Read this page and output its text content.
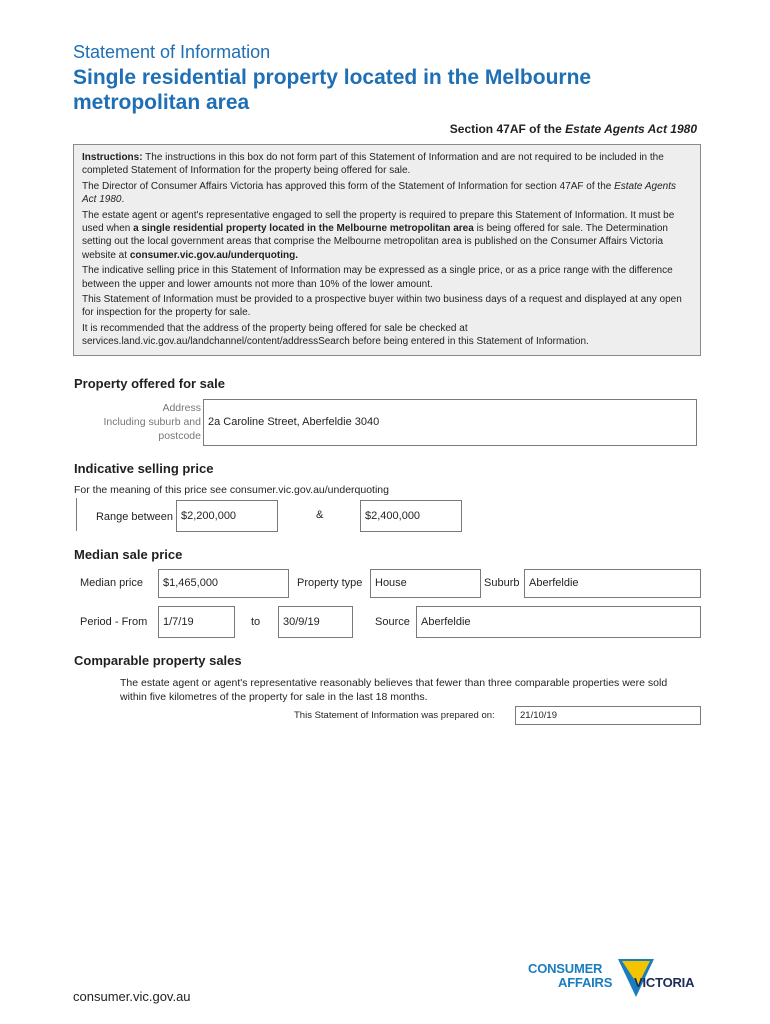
Statement of Information
Single residential property located in the Melbourne metropolitan area
Section 47AF of the Estate Agents Act 1980

Instructions: The instructions in this box do not form part of this Statement of Information and are not required to be included in the completed Statement of Information for the property being offered for sale.

The Director of Consumer Affairs Victoria has approved this form of the Statement of Information for section 47AF of the Estate Agents Act 1980.

The estate agent or agent's representative engaged to sell the property is required to prepare this Statement of Information. It must be used when a single residential property located in the Melbourne metropolitan area is being offered for sale. The Determination setting out the local government areas that comprise the Melbourne metropolitan area is published on the Consumer Affairs Victoria website at consumer.vic.gov.au/underquoting.

The indicative selling price in this Statement of Information may be expressed as a single price, or as a price range with the difference between the upper and lower amounts not more than 10% of the lower amount.

This Statement of Information must be provided to a prospective buyer within two business days of a request and displayed at any open for inspection for the property for sale.

It is recommended that the address of the property being offered for sale be checked at services.land.vic.gov.au/landchannel/content/addressSearch before being entered in this Statement of Information.

Property offered for sale
Address
Including suburb and
postcode
2a Caroline Street, Aberfeldie 3040
Indicative selling price
For the meaning of this price see consumer.vic.gov.au/underquoting
Range between $2,200,000	&	$2,400,000
Median sale price
Median price	$1,465,000	Property type	House	Suburb Aberfeldie
Period - From	1/7/19	to	30/9/19	Source	Aberfeldie
Comparable property sales
The estate agent or agent's representative reasonably believes that fewer than three comparable properties were sold within five kilometres of the property for sale in the last 18 months.
This Statement of Information was prepared on:	21/10/19
CONSUMER
AFFAIRS VICTORIA
consumer.vic.gov.au
